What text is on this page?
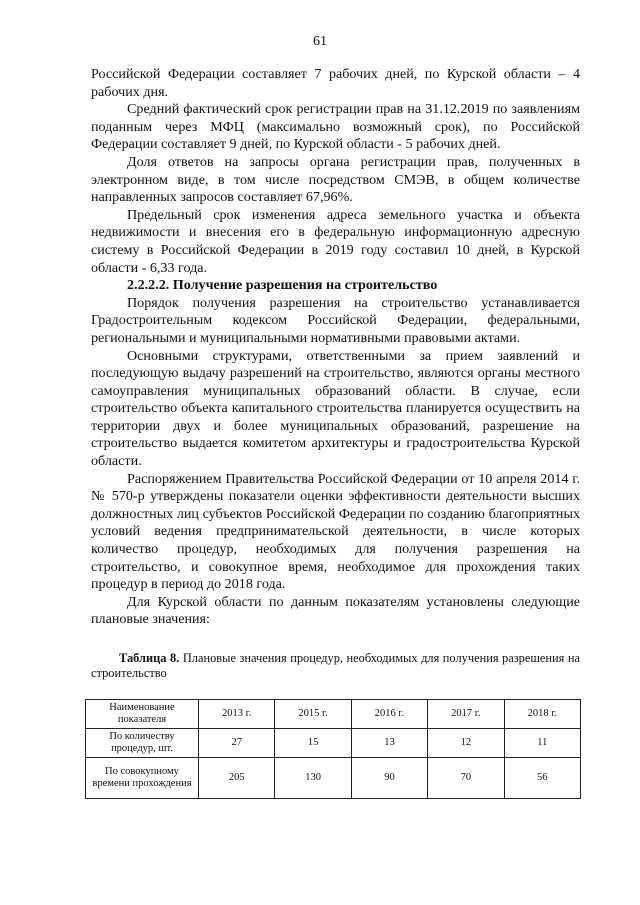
61

Российской Федерации составляет 7 рабочих дней, по Курской области – 4 рабочих дня.

Средний фактический срок регистрации прав на 31.12.2019 по заявлениям поданным через МФЦ (максимально возможный срок), по Российской Федерации составляет 9 дней, по Курской области - 5 рабочих дней.

Доля ответов на запросы органа регистрации прав, полученных в электронном виде, в том числе посредством СМЭВ, в общем количестве направленных запросов составляет 67,96%.

Предельный срок изменения адреса земельного участка и объекта недвижимости и внесения его в федеральную информационную адресную систему в Российской Федерации в 2019 году составил 10 дней, в Курской области - 6,33 года.

2.2.2.2. Получение разрешения на строительство

Порядок получения разрешения на строительство устанавливается Градостроительным кодексом Российской Федерации, федеральными, региональными и муниципальными нормативными правовыми актами.

Основными структурами, ответственными за прием заявлений и последующую выдачу разрешений на строительство, являются органы местного самоуправления муниципальных образований области. В случае, если строительство объекта капитального строительства планируется осуществить на территории двух и более муниципальных образований, разрешение на строительство выдается комитетом архитектуры и градостроительства Курской области.

Распоряжением Правительства Российской Федерации от 10 апреля 2014 г. № 570-р утверждены показатели оценки эффективности деятельности высших должностных лиц субъектов Российской Федерации по созданию благоприятных условий ведения предпринимательской деятельности, в числе которых количество процедур, необходимых для получения разрешения на строительство, и совокупное время, необходимое для прохождения таких процедур в период до 2018 года.

Для Курской области по данным показателям установлены следующие плановые значения:

Таблица 8. Плановые значения процедур, необходимых для получения разрешения на строительство
Наименование показателя	2013 г.	2015 г.	2016 г.	2017 г.	2018 г.
По количеству процедур, шт.	27	15	13	12	11
По совокупному времени прохождения	205	130	90	70	56
